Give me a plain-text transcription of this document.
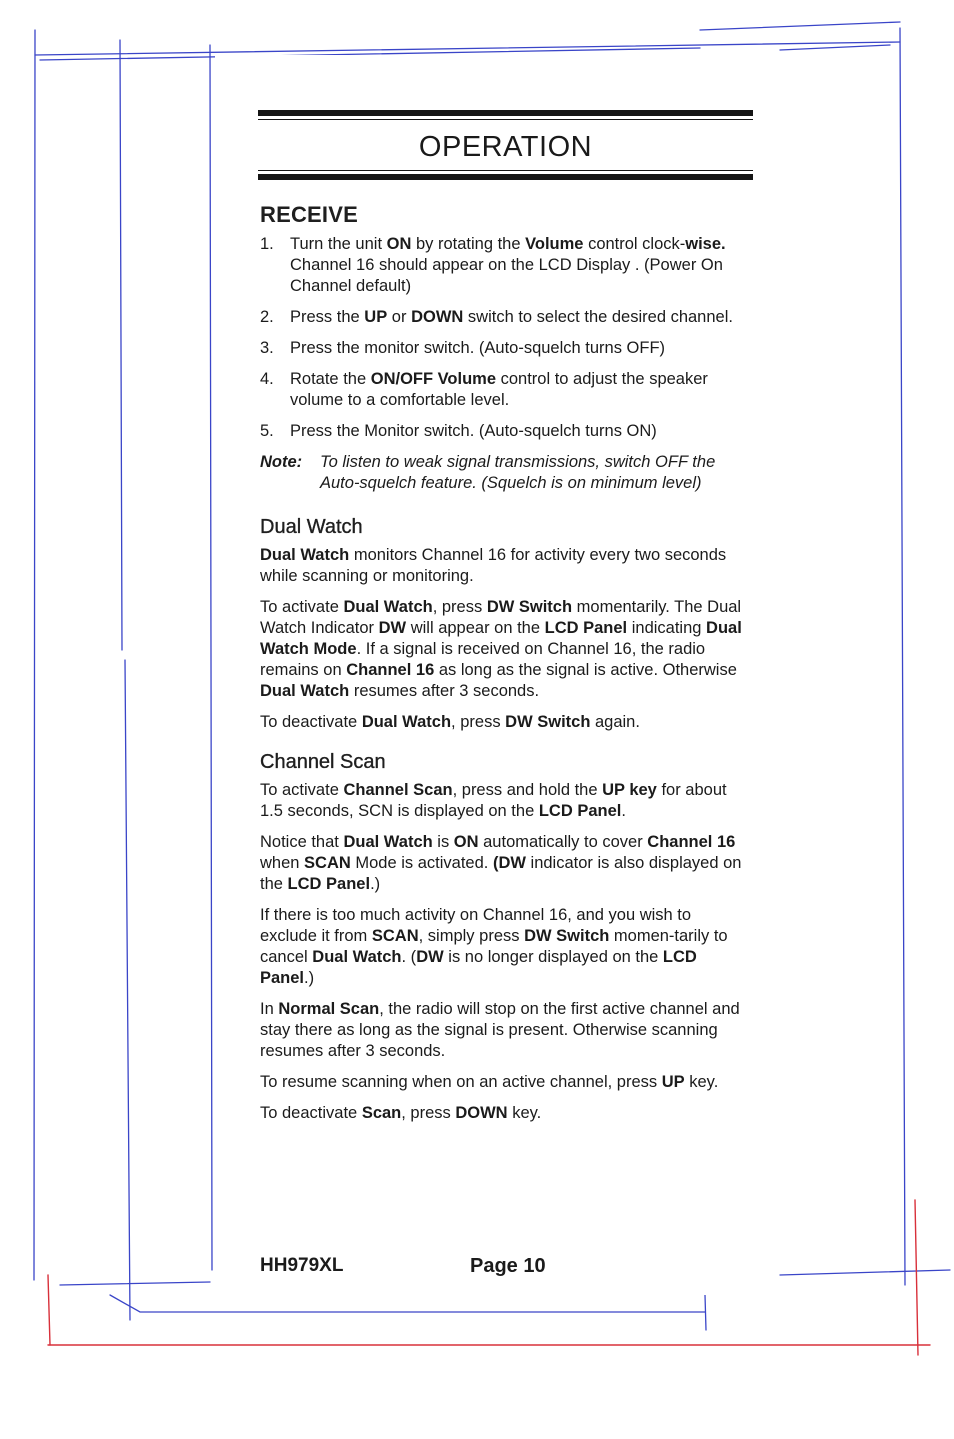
OPERATION
RECEIVE
1. Turn the unit ON by rotating the Volume control clock-wise. Channel 16 should appear on the LCD Display . (Power On Channel default)
2. Press the UP or DOWN switch to select the desired channel.
3. Press the monitor switch. (Auto-squelch turns OFF)
4. Rotate the ON/OFF Volume control to adjust the speaker volume to a comfortable level.
5. Press the Monitor switch. (Auto-squelch turns ON)
Note:	To listen to weak signal transmissions, switch OFF the Auto-squelch feature. (Squelch is on minimum level)
Dual Watch

Dual Watch monitors Channel 16 for activity every two seconds while scanning or monitoring.

To activate Dual Watch, press DW Switch momentarily. The Dual Watch Indicator DW will appear on the LCD Panel indicating Dual Watch Mode. If a signal is received on Channel 16, the radio remains on Channel 16 as long as the signal is active. Otherwise Dual Watch resumes after 3 seconds.

To deactivate Dual Watch, press DW Switch again.

Channel Scan

To activate Channel Scan, press and hold the UP key for about 1.5 seconds, SCN is displayed on the LCD Panel.

Notice that Dual Watch is ON automatically to cover Channel 16 when SCAN Mode is activated. (DW indicator is also displayed on the LCD Panel.)

If there is too much activity on Channel 16, and you wish to exclude it from SCAN, simply press DW Switch momen-tarily to cancel Dual Watch. (DW is no longer displayed on the LCD Panel.)

In Normal Scan, the radio will stop on the first active channel and stay there as long as the signal is present. Otherwise scanning resumes after 3 seconds.

To resume scanning when on an active channel, press UP key.

To deactivate Scan, press DOWN key.

HH979XL	Page 10
